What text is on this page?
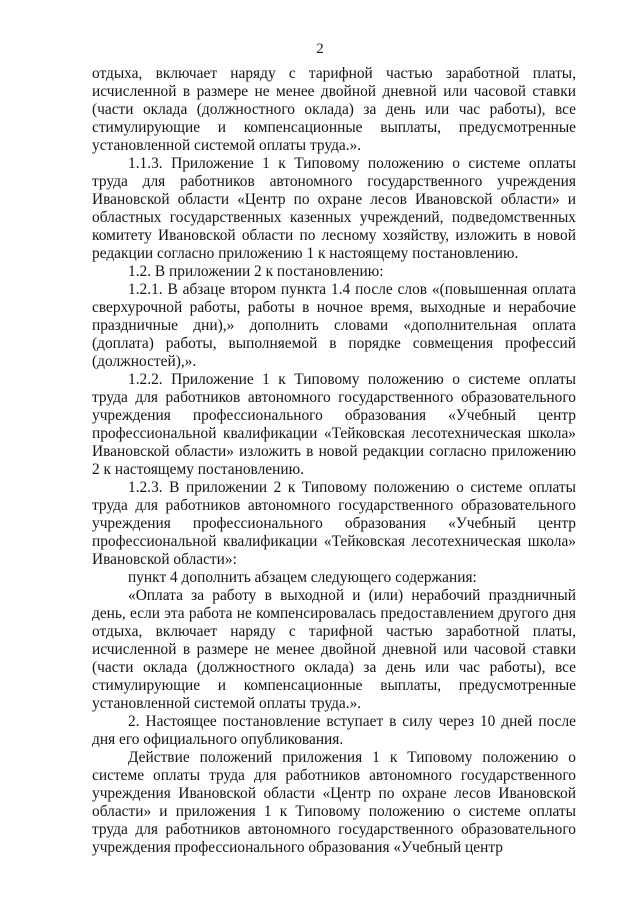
2

отдыха, включает наряду с тарифной частью заработной платы, исчисленной в размере не менее двойной дневной или часовой ставки (части оклада (должностного оклада) за день или час работы), все стимулирующие и компенсационные выплаты, предусмотренные установленной системой оплаты труда.».

1.1.3. Приложение 1 к Типовому положению о системе оплаты труда для работников автономного государственного учреждения Ивановской области «Центр по охране лесов Ивановской области» и областных государственных казенных учреждений, подведомственных комитету Ивановской области по лесному хозяйству, изложить в новой редакции согласно приложению 1 к настоящему постановлению.

1.2. В приложении 2 к постановлению:

1.2.1. В абзаце втором пункта 1.4 после слов «(повышенная оплата сверхурочной работы, работы в ночное время, выходные и нерабочие праздничные дни),» дополнить словами «дополнительная оплата (доплата) работы, выполняемой в порядке совмещения профессий (должностей),».

1.2.2. Приложение 1 к Типовому положению о системе оплаты труда для работников автономного государственного образовательного учреждения профессионального образования «Учебный центр профессиональной квалификации «Тейковская лесотехническая школа» Ивановской области» изложить в новой редакции согласно приложению 2 к настоящему постановлению.

1.2.3. В приложении 2 к Типовому положению о системе оплаты труда для работников автономного государственного образовательного учреждения профессионального образования «Учебный центр профессиональной квалификации «Тейковская лесотехническая школа» Ивановской области»:

пункт 4 дополнить абзацем следующего содержания:

«Оплата за работу в выходной и (или) нерабочий праздничный день, если эта работа не компенсировалась предоставлением другого дня отдыха, включает наряду с тарифной частью заработной платы, исчисленной в размере не менее двойной дневной или часовой ставки (части оклада (должностного оклада) за день или час работы), все стимулирующие и компенсационные выплаты, предусмотренные установленной системой оплаты труда.».

2. Настоящее постановление вступает в силу через 10 дней после дня его официального опубликования.

Действие положений приложения 1 к Типовому положению о системе оплаты труда для работников автономного государственного учреждения Ивановской области «Центр по охране лесов Ивановской области» и приложения 1 к Типовому положению о системе оплаты труда для работников автономного государственного образовательного учреждения профессионального образования «Учебный центр
